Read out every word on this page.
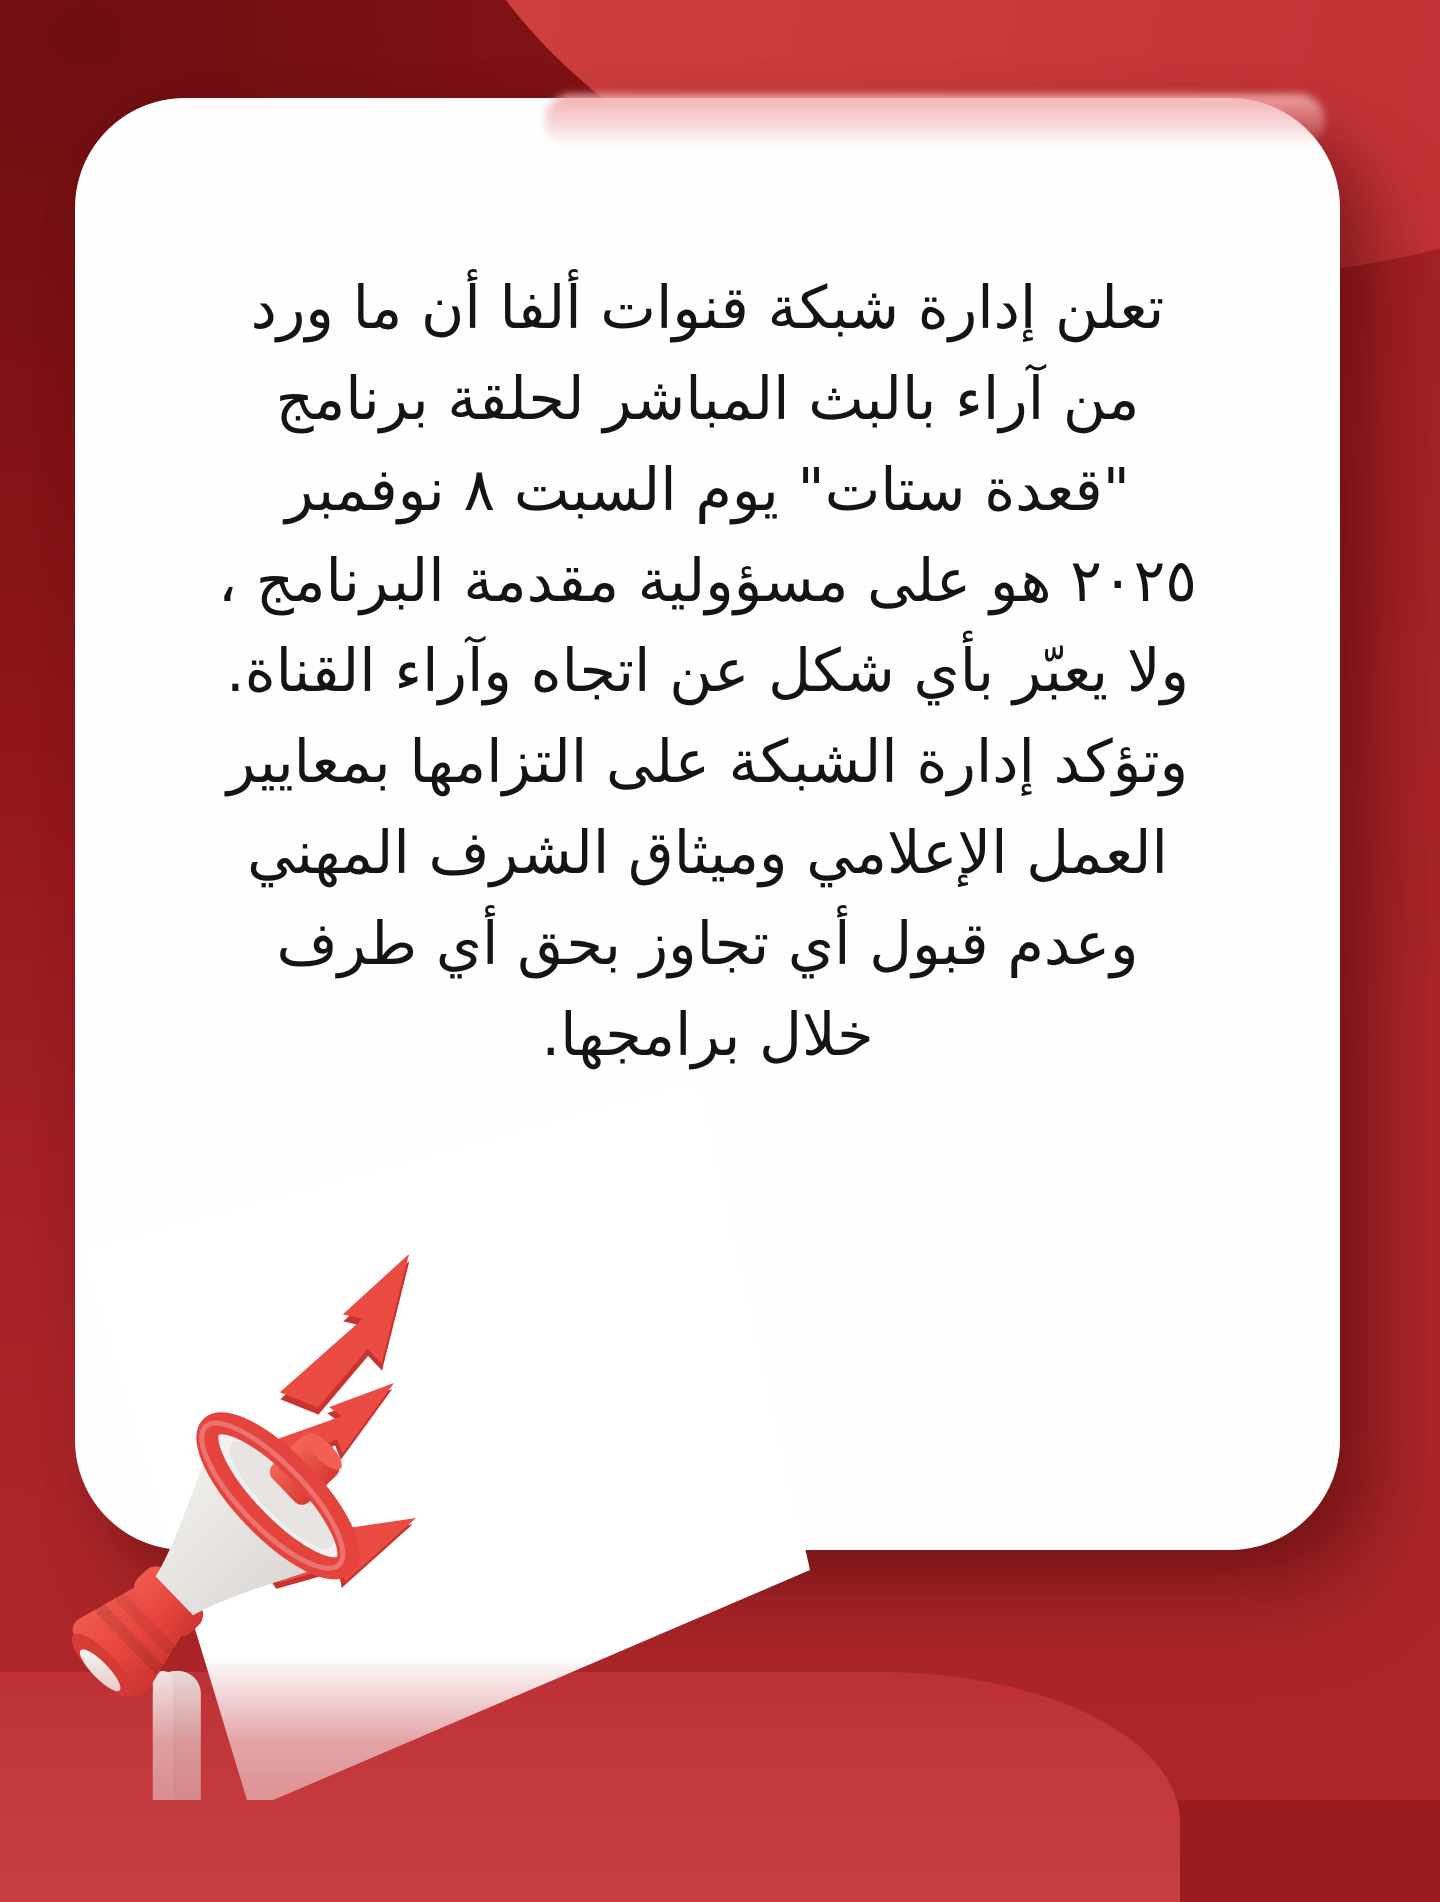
تعلن إدارة شبكة قنوات ألفا أن ما ورد
من آراء بالبث المباشر لحلقة برنامج
"قعدة ستات" يوم السبت ٨ نوفمبر
٢٠٢٥ هو على مسؤولية مقدمة البرنامج ،
ولا يعبّر بأي شكل عن اتجاه وآراء القناة.
وتؤكد إدارة الشبكة على التزامها بمعايير
العمل الإعلامي وميثاق الشرف المهني
وعدم قبول أي تجاوز بحق أي طرف
خلال برامجها.
